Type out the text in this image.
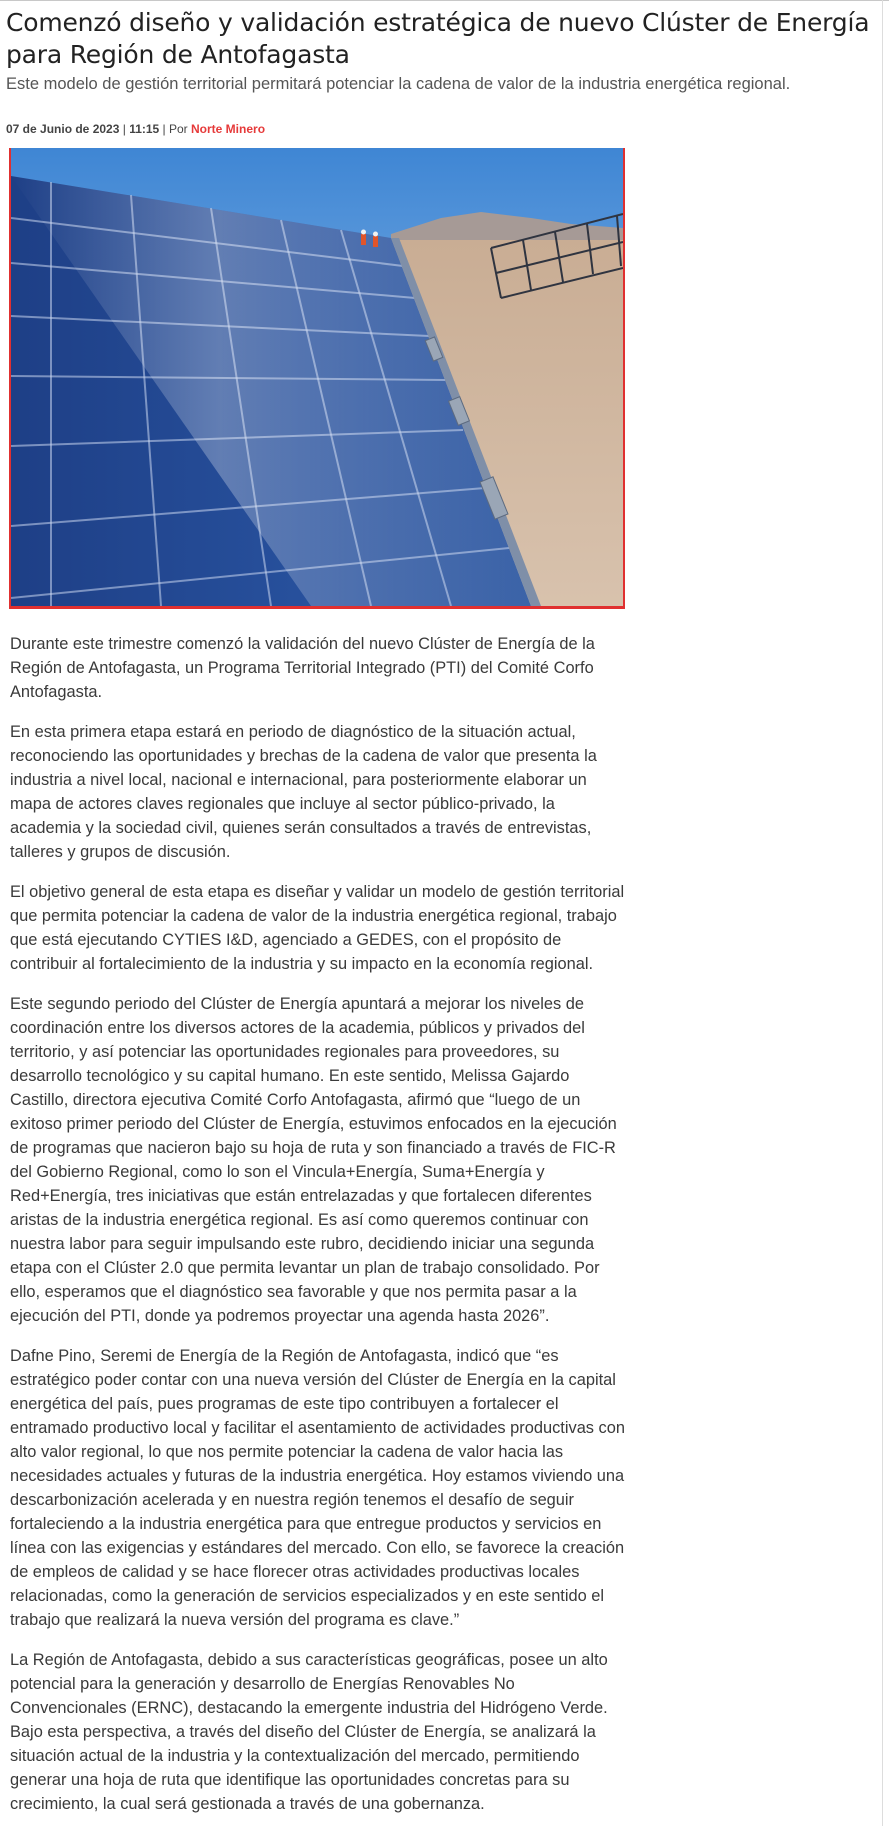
Comenzó diseño y validación estratégica de nuevo Clúster de Energía para Región de Antofagasta

Este modelo de gestión territorial permitará potenciar la cadena de valor de la industria energética regional.

07 de Junio de 2023 | 11:15 | Por Norte Minero

Durante este trimestre comenzó la validación del nuevo Clúster de Energía de la Región de Antofagasta, un Programa Territorial Integrado (PTI) del Comité Corfo Antofagasta.

En esta primera etapa estará en periodo de diagnóstico de la situación actual, reconociendo las oportunidades y brechas de la cadena de valor que presenta la industria a nivel local, nacional e internacional, para posteriormente elaborar un mapa de actores claves regionales que incluye al sector público-privado, la academia y la sociedad civil, quienes serán consultados a través de entrevistas, talleres y grupos de discusión.

El objetivo general de esta etapa es diseñar y validar un modelo de gestión territorial que permita potenciar la cadena de valor de la industria energética regional, trabajo que está ejecutando CYTIES I&D, agenciado a GEDES, con el propósito de contribuir al fortalecimiento de la industria y su impacto en la economía regional.

Este segundo periodo del Clúster de Energía apuntará a mejorar los niveles de coordinación entre los diversos actores de la academia, públicos y privados del territorio, y así potenciar las oportunidades regionales para proveedores, su desarrollo tecnológico y su capital humano. En este sentido, Melissa Gajardo Castillo, directora ejecutiva Comité Corfo Antofagasta, afirmó que “luego de un exitoso primer periodo del Clúster de Energía, estuvimos enfocados en la ejecución de programas que nacieron bajo su hoja de ruta y son financiado a través de FIC-R del Gobierno Regional, como lo son el Vincula+Energía, Suma+Energía y Red+Energía, tres iniciativas que están entrelazadas y que fortalecen diferentes aristas de la industria energética regional. Es así como queremos continuar con nuestra labor para seguir impulsando este rubro, decidiendo iniciar una segunda etapa con el Clúster 2.0 que permita levantar un plan de trabajo consolidado. Por ello, esperamos que el diagnóstico sea favorable y que nos permita pasar a la ejecución del PTI, donde ya podremos proyectar una agenda hasta 2026”.

Dafne Pino, Seremi de Energía de la Región de Antofagasta, indicó que “es estratégico poder contar con una nueva versión del Clúster de Energía en la capital energética del país, pues programas de este tipo contribuyen a fortalecer el entramado productivo local y facilitar el asentamiento de actividades productivas con alto valor regional, lo que nos permite potenciar la cadena de valor hacia las necesidades actuales y futuras de la industria energética. Hoy estamos viviendo una descarbonización acelerada y en nuestra región tenemos el desafío de seguir fortaleciendo a la industria energética para que entregue productos y servicios en línea con las exigencias y estándares del mercado. Con ello, se favorece la creación de empleos de calidad y se hace florecer otras actividades productivas locales relacionadas, como la generación de servicios especializados y en este sentido el trabajo que realizará la nueva versión del programa es clave.”

La Región de Antofagasta, debido a sus características geográficas, posee un alto potencial para la generación y desarrollo de Energías Renovables No Convencionales (ERNC), destacando la emergente industria del Hidrógeno Verde. Bajo esta perspectiva, a través del diseño del Clúster de Energía, se analizará la situación actual de la industria y la contextualización del mercado, permitiendo generar una hoja de ruta que identifique las oportunidades concretas para su crecimiento, la cual será gestionada a través de una gobernanza.
